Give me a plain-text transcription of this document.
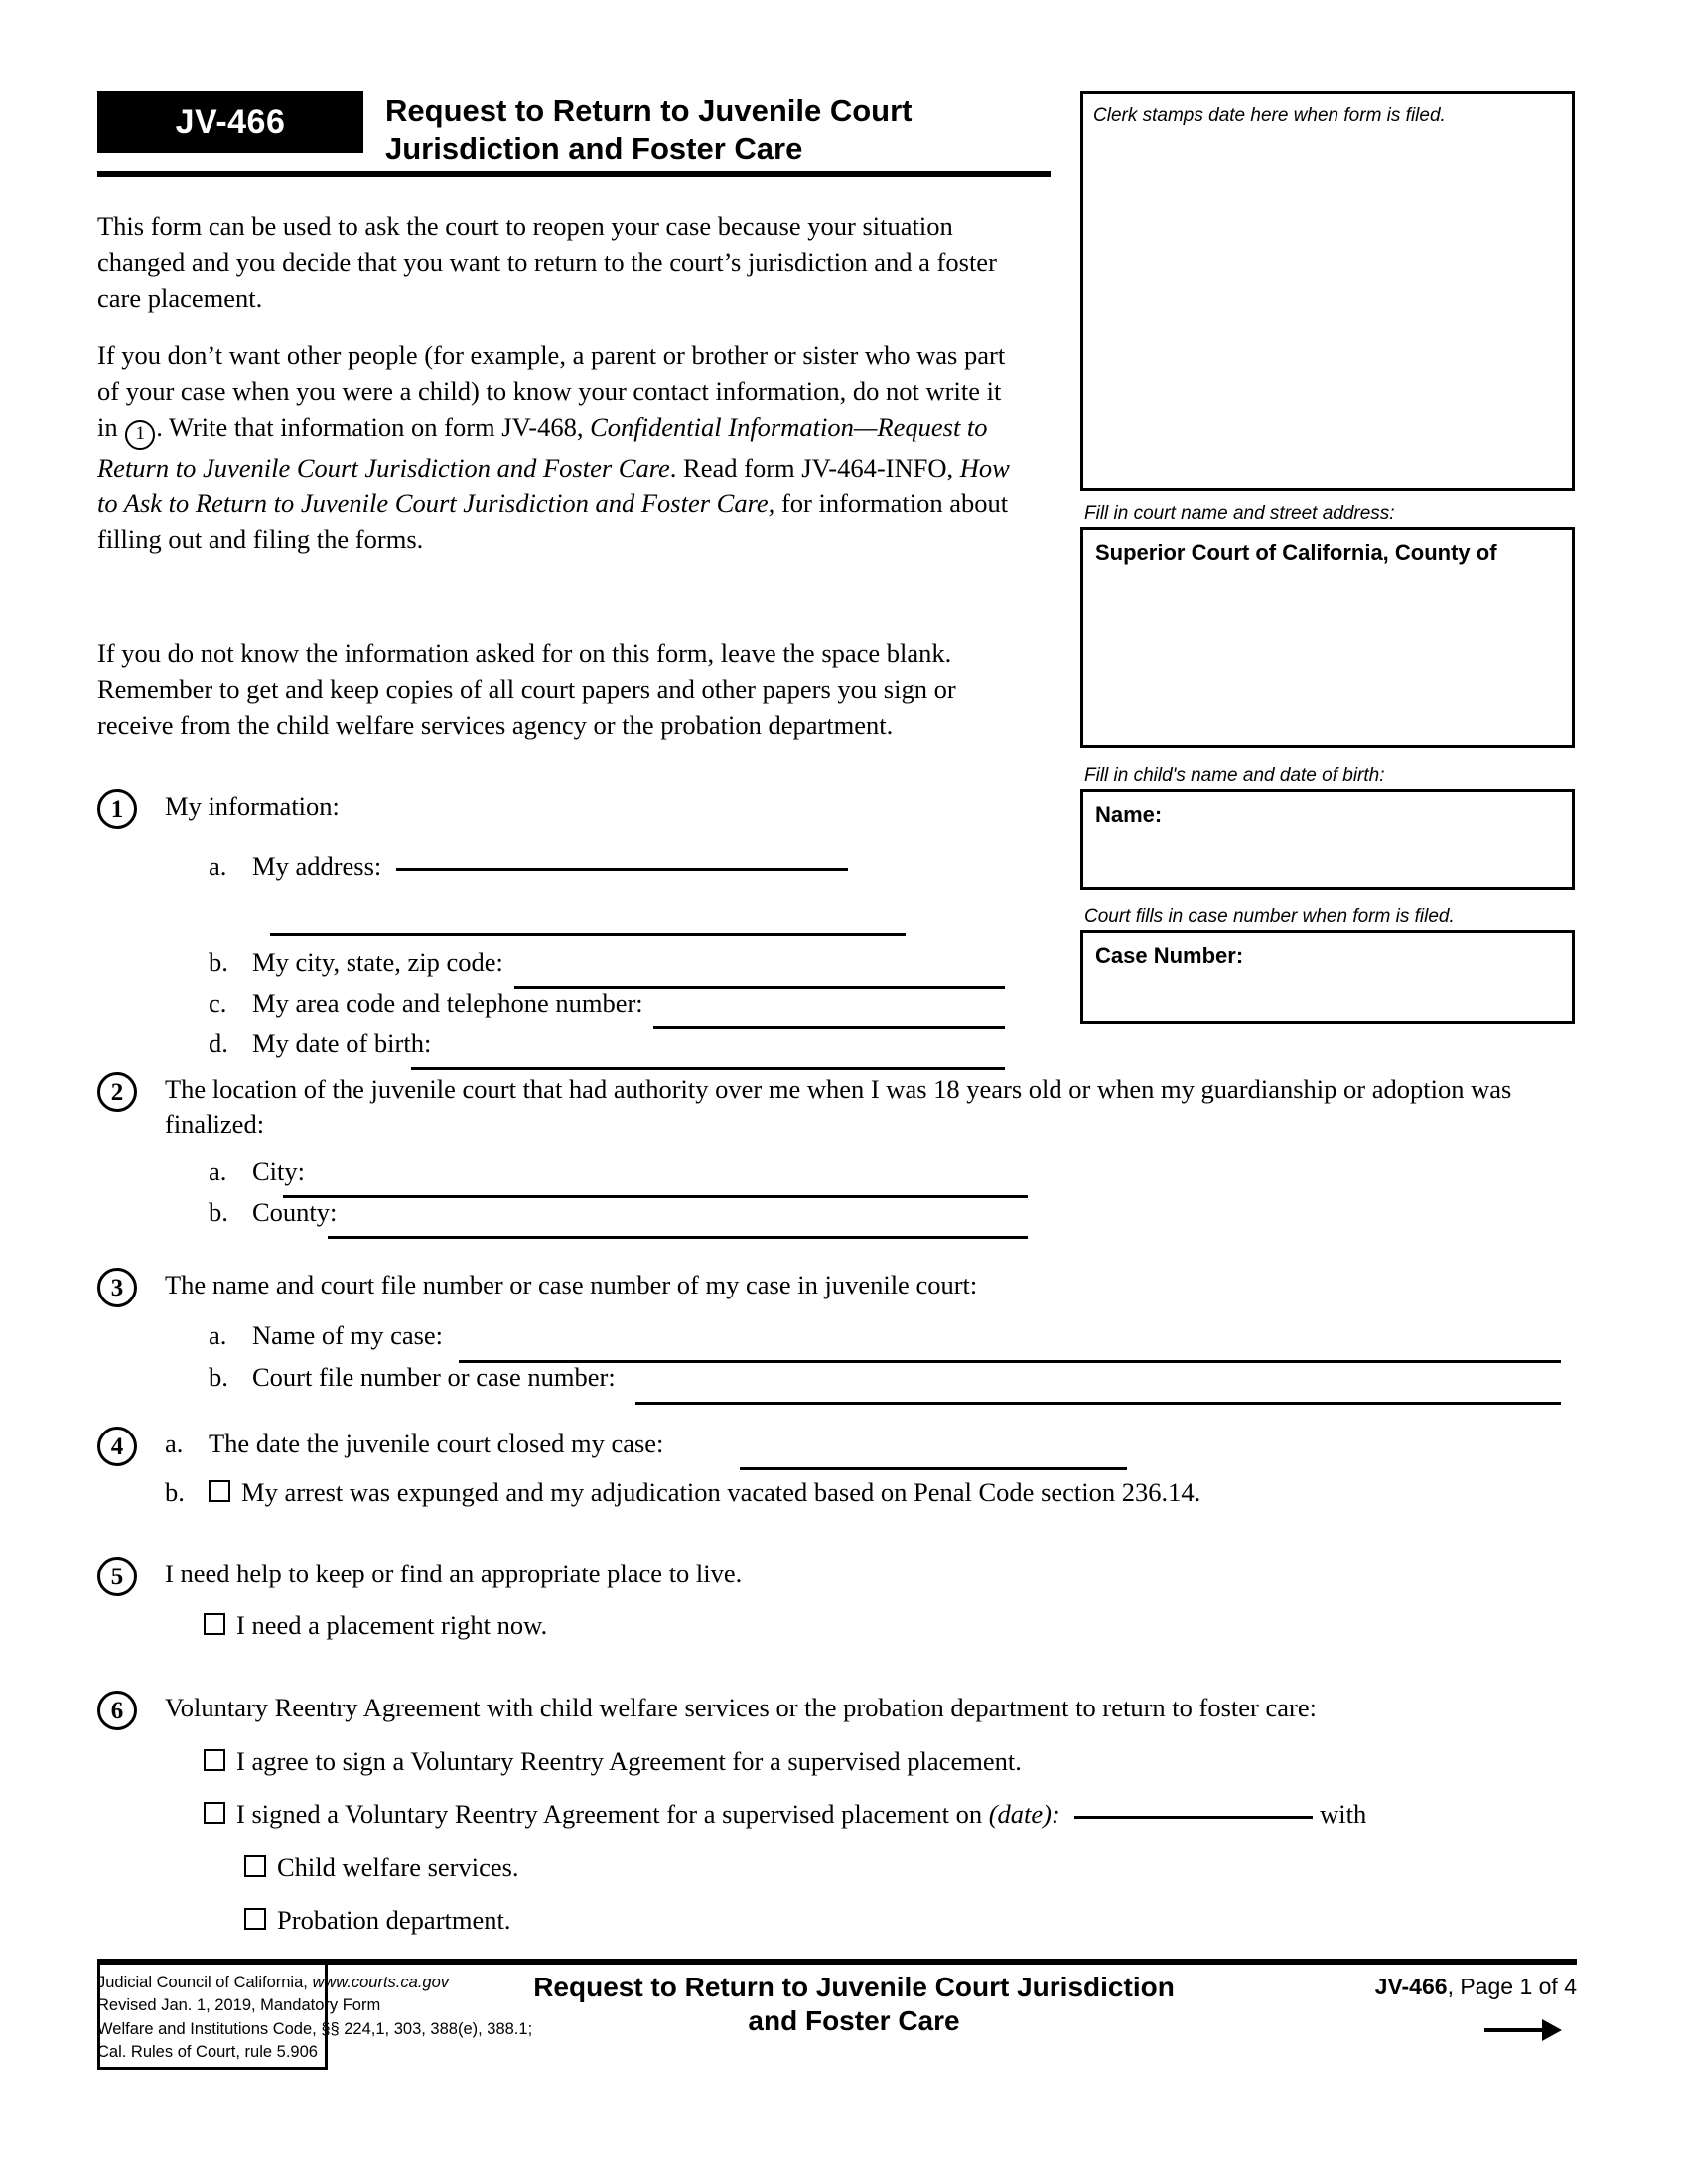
JV-466	Request to Return to Juvenile Court
Jurisdiction and Foster Care

This form can be used to ask the court to reopen your case because your situation changed and you decide that you want to return to the court’s jurisdiction and a foster care placement.

If you don’t want other people (for example, a parent or brother or sister who was part of your case when you were a child) to know your contact information, do not write it in 1 . Write that information on form JV-468, Confidential Information—Request to Return to Juvenile Court Jurisdiction and Foster Care. Read form JV-464-INFO, How to Ask to Return to Juvenile Court Jurisdiction and Foster Care, for information about filling out and filing the forms.

If you do not know the information asked for on this form, leave the space blank. Remember to get and keep copies of all court papers and other papers you sign or receive from the child welfare services agency or the probation department.

Clerk stamps date here when form is filed.
Fill in court name and street address:
Superior Court of California, County of
Fill in child's name and date of birth:
Name:
Court fills in case number when form is filed.
Case Number:
1	My information:
a. My address:
b. My city, state, zip code:
c. My area code and telephone number:
d. My date of birth:
2	The location of the juvenile court that had authority over me when I was 18 years old or when my guardianship or adoption was finalized:
a. City:
b. County:
3	The name and court file number or case number of my case in juvenile court:
a. Name of my case:
b. Court file number or case number:
4	a. The date the juvenile court closed my case:
b.	My arrest was expunged and my adjudication vacated based on Penal Code section 236.14.
5	I need help to keep or find an appropriate place to live.
I need a placement right now.
6	Voluntary Reentry Agreement with child welfare services or the probation department to return to foster care:
I agree to sign a Voluntary Reentry Agreement for a supervised placement.
I signed a Voluntary Reentry Agreement for a supervised placement on (date):	with
Child welfare services.
Probation department.
Judicial Council of California, www.courts.ca.gov
Revised Jan. 1, 2019, Mandatory Form
Welfare and Institutions Code, §§ 224,1, 303, 388(e), 388.1;
Cal. Rules of Court, rule 5.906
Request to Return to Juvenile Court Jurisdiction
and Foster Care
JV-466, Page 1 of 4
